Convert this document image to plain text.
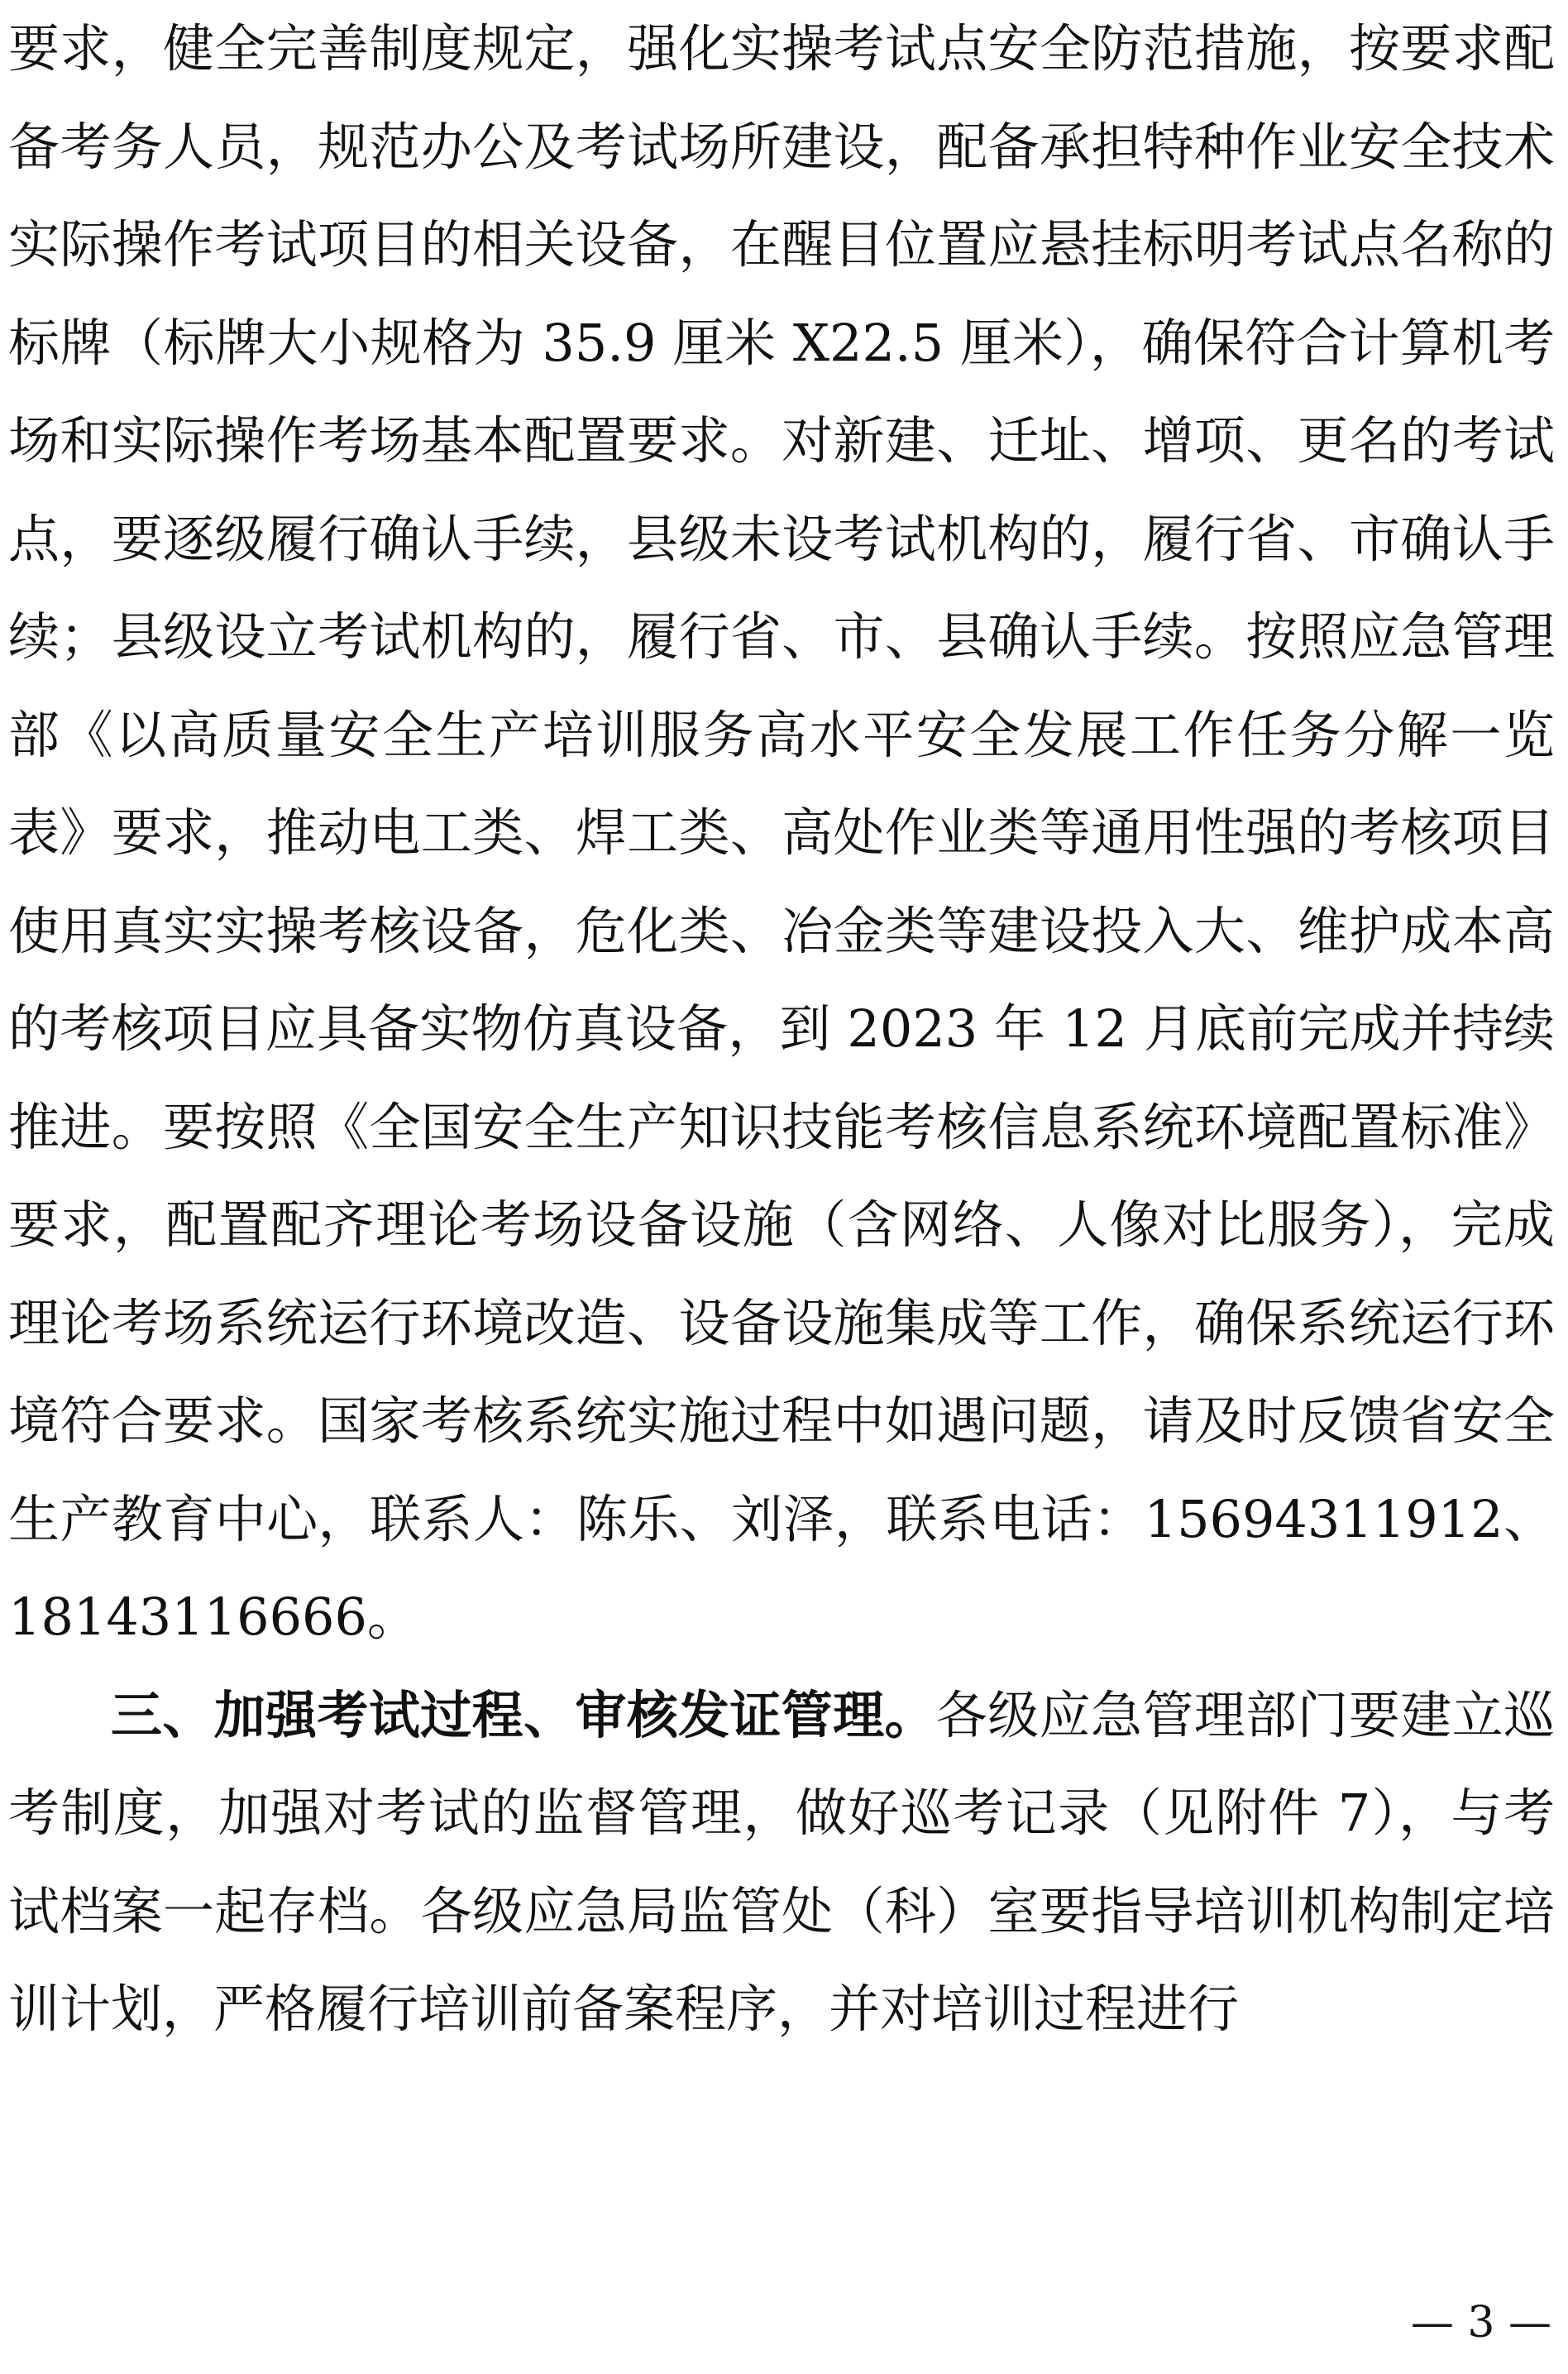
要求，健全完善制度规定，强化实操考试点安全防范措施，按要求配备考务人员，规范办公及考试场所建设，配备承担特种作业安全技术实际操作考试项目的相关设备，在醒目位置应悬挂标明考试点名称的标牌（标牌大小规格为 35.9 厘米 X22.5 厘米），确保符合计算机考场和实际操作考场基本配置要求。对新建、迁址、增项、更名的考试点，要逐级履行确认手续，县级未设考试机构的，履行省、市确认手续；县级设立考试机构的，履行省、市、县确认手续。按照应急管理部《以高质量安全生产培训服务高水平安全发展工作任务分解一览表》要求，推动电工类、焊工类、高处作业类等通用性强的考核项目使用真实实操考核设备，危化类、冶金类等建设投入大、维护成本高的考核项目应具备实物仿真设备，到 2023 年 12 月底前完成并持续推进。要按照《全国安全生产知识技能考核信息系统环境配置标准》要求，配置配齐理论考场设备设施（含网络、人像对比服务），完成理论考场系统运行环境改造、设备设施集成等工作，确保系统运行环境符合要求。国家考核系统实施过程中如遇问题，请及时反馈省安全生产教育中心，联系人：陈乐、刘泽，联系电话：15694311912、18143116666。

三、加强考试过程、审核发证管理。各级应急管理部门要建立巡考制度，加强对考试的监督管理，做好巡考记录（见附件 7），与考试档案一起存档。各级应急局监管处（科）室要指导培训机构制定培训计划，严格履行培训前备案程序，并对培训过程进行

— 3 —
